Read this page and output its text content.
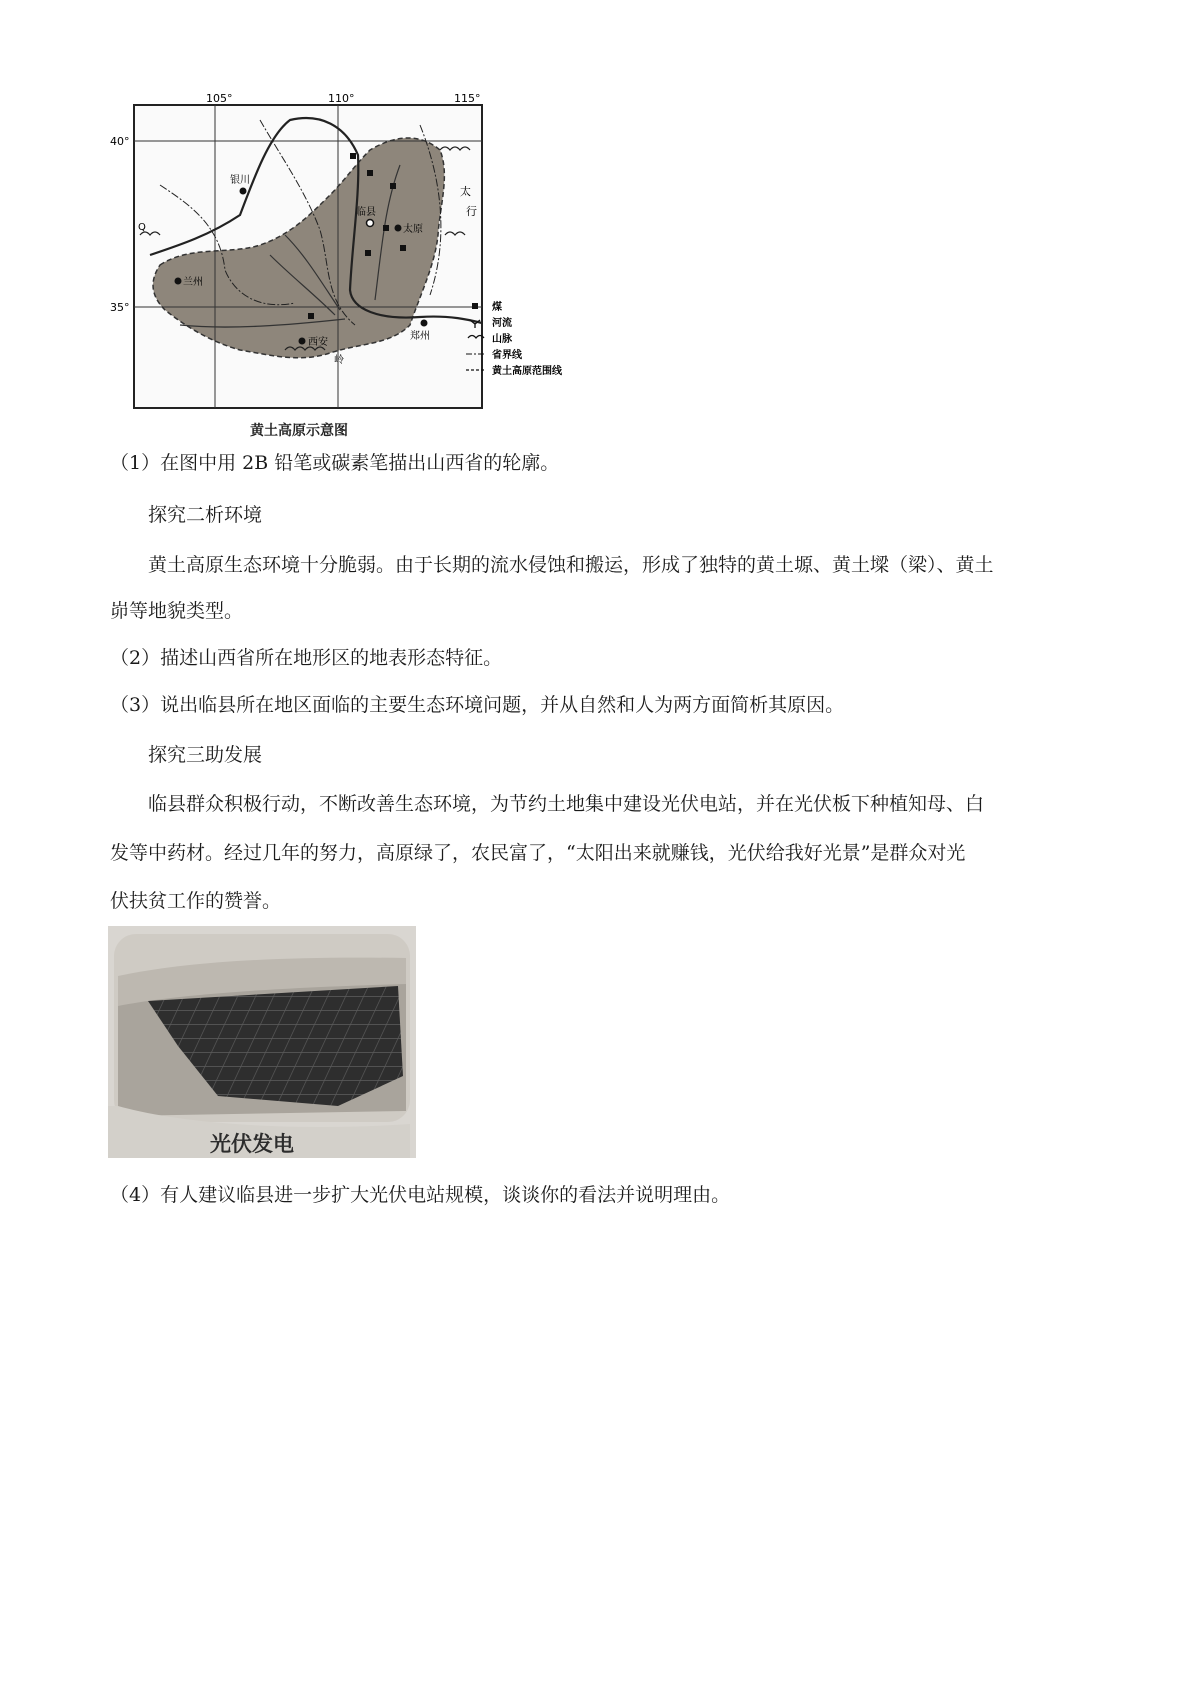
105°	110°	115°
40°
35°
银川
兰州
西安
郑州
临县
太原
太
行
岭
Q
煤
河流
山脉
省界线
黄土高原范围线
黄土高原示意图
（1）在图中用 2B 铅笔或碳素笔描出山西省的轮廓。
探究二析环境
黄土高原生态环境十分脆弱。由于长期的流水侵蚀和搬运，形成了独特的黄土塬、黄土墚（梁）、黄土
峁等地貌类型。
（2）描述山西省所在地形区的地表形态特征。
（3）说出临县所在地区面临的主要生态环境问题，并从自然和人为两方面简析其原因。
探究三助发展
临县群众积极行动，不断改善生态环境，为节约土地集中建设光伏电站，并在光伏板下种植知母、白
发等中药材。经过几年的努力，高原绿了，农民富了，“太阳出来就赚钱，光伏给我好光景”是群众对光
伏扶贫工作的赞誉。
光伏发电
（4）有人建议临县进一步扩大光伏电站规模，谈谈你的看法并说明理由。
